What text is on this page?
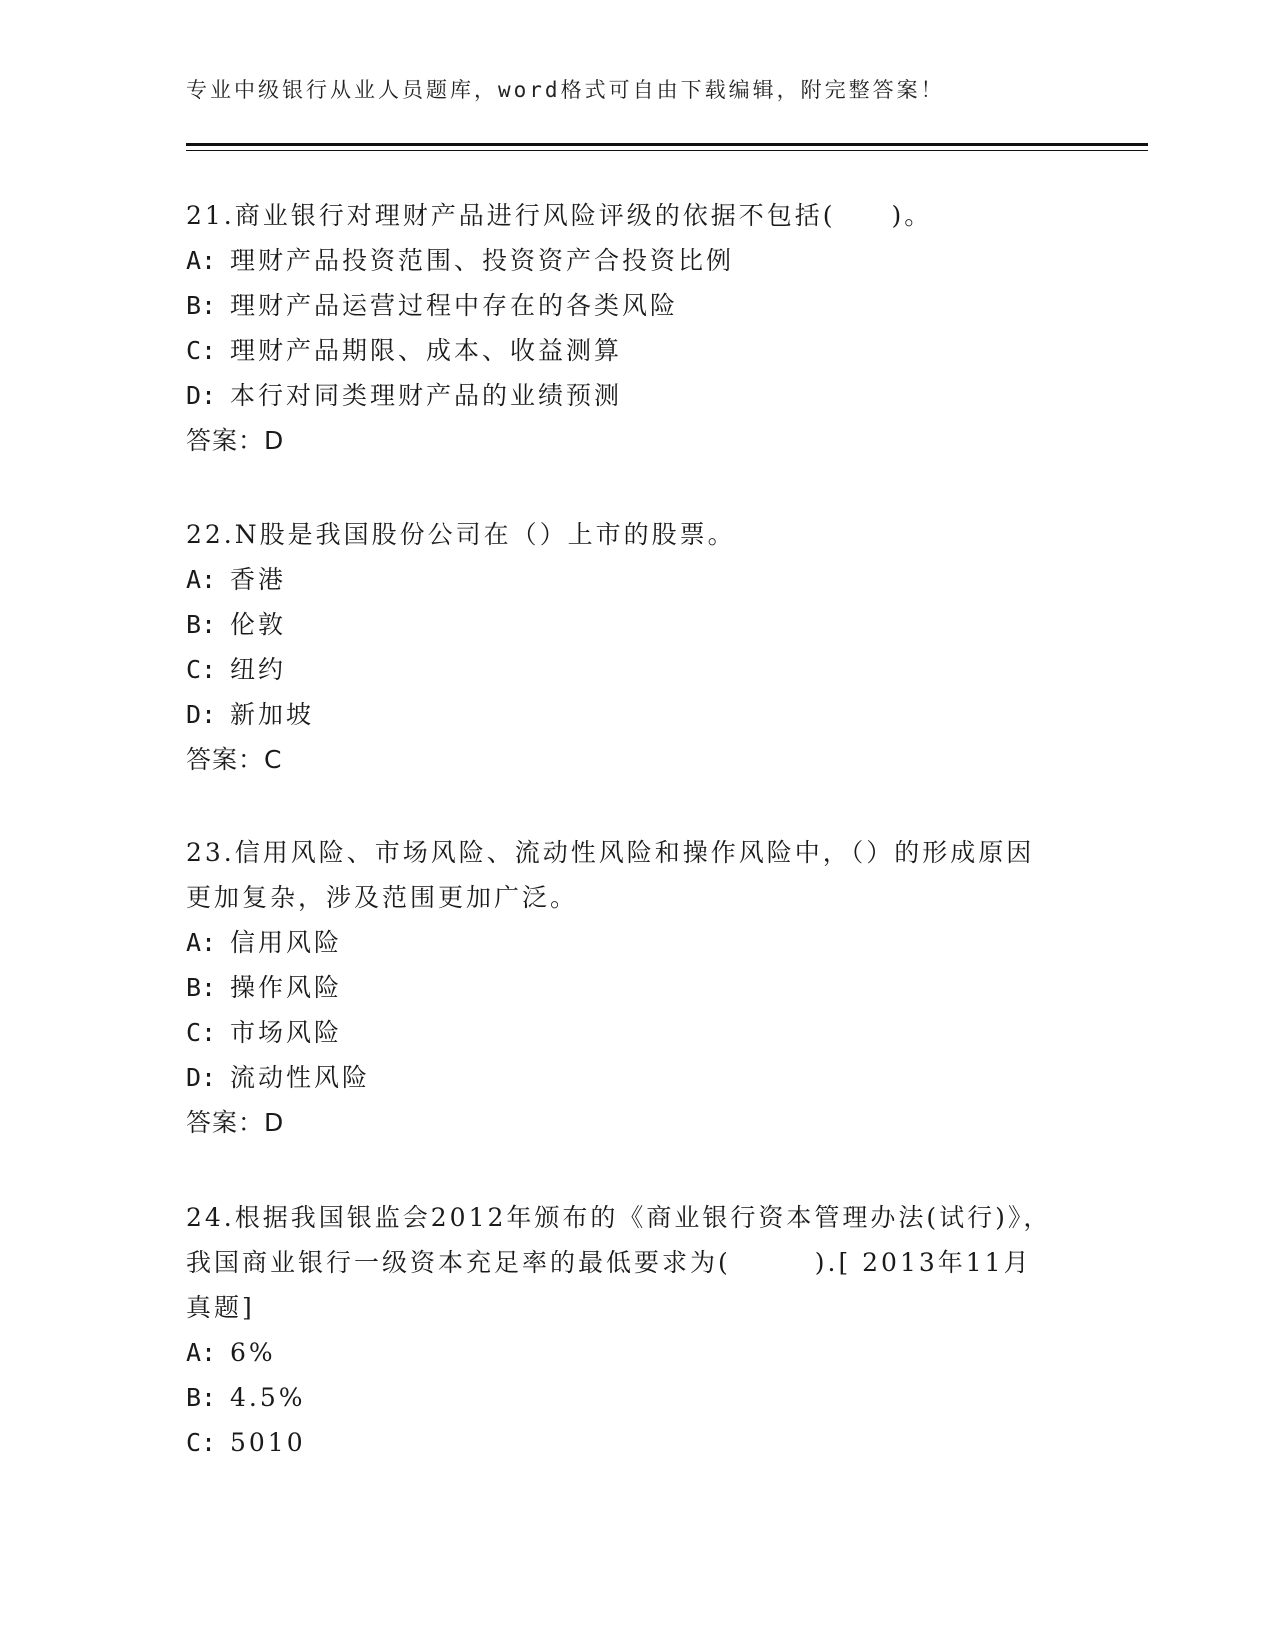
专业中级银行从业人员题库，word格式可自由下载编辑，附完整答案！

21.商业银行对理财产品进行风险评级的依据不包括(　　)。

A: 理财产品投资范围、投资资产合投资比例

B: 理财产品运营过程中存在的各类风险

C: 理财产品期限、成本、收益测算

D: 本行对同类理财产品的业绩预测

答案：D

22.N股是我国股份公司在（）上市的股票。

A: 香港

B: 伦敦

C: 纽约

D: 新加坡

答案：C

23.信用风险、市场风险、流动性风险和操作风险中，（）的形成原因

更加复杂，涉及范围更加广泛。

A: 信用风险

B: 操作风险

C: 市场风险

D: 流动性风险

答案：D

24.根据我国银监会2012年颁布的《商业银行资本管理办法(试行)》，

我国商业银行一级资本充足率的最低要求为(　　　).[ 2013年11月

真题]

A: 6%

B: 4.5%

C: 5010
